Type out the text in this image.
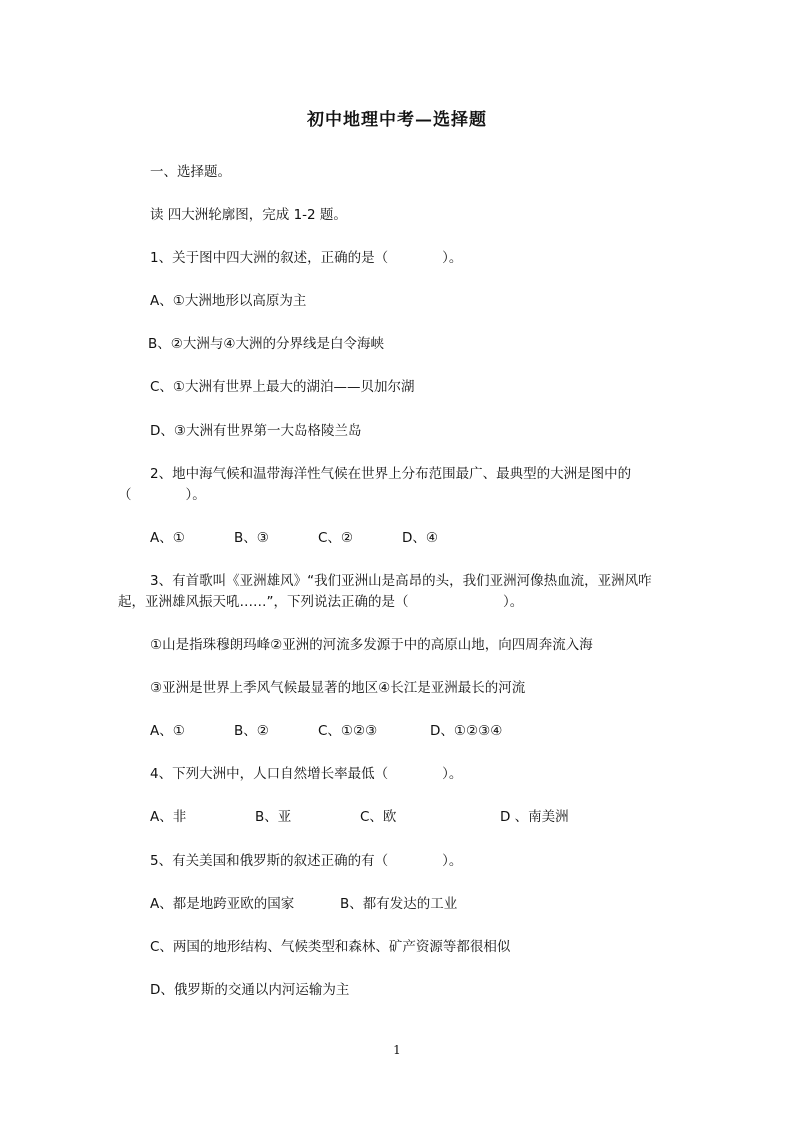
初中地理中考—选择题
一、选择题。
读 四大洲轮廓图，完成 1-2 题。
1、关于图中四大洲的叙述，正确的是（　　　　）。
A、①大洲地形以高原为主
B、②大洲与④大洲的分界线是白令海峡
C、①大洲有世界上最大的湖泊——贝加尔湖
D、③大洲有世界第一大岛格陵兰岛
2、地中海气候和温带海洋性气候在世界上分布范围最广、最典型的大洲是图中的
（　　　　）。
A、①	B、③	C、②	D、④
3、有首歌叫《亚洲雄风》“我们亚洲山是高昂的头，我们亚洲河像热血流，亚洲风咋
起，亚洲雄风振天吼……”，下列说法正确的是（　　　　　　　）。
①山是指珠穆朗玛峰②亚洲的河流多发源于中的高原山地，向四周奔流入海
③亚洲是世界上季风气候最显著的地区④长江是亚洲最长的河流
A、①	B、②	C、①②③	D、①②③④
4、下列大洲中，人口自然增长率最低（　　　　）。
A、非	B、亚	C、欧	D 、南美洲
5、有关美国和俄罗斯的叙述正确的有（　　　　）。
A、都是地跨亚欧的国家	B、都有发达的工业
C、两国的地形结构、气候类型和森林、矿产资源等都很相似
D、俄罗斯的交通以内河运输为主
1
